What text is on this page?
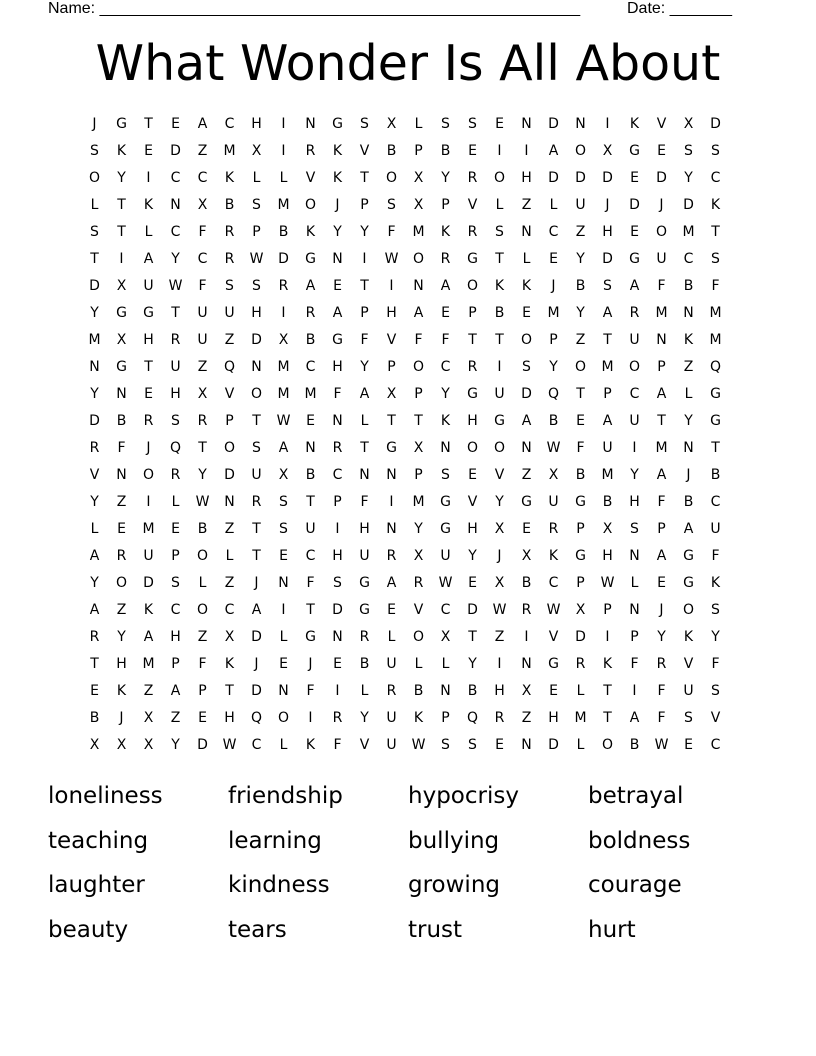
Name: ______________________________________________________	Date: _______
What Wonder Is All About
J	G	T	E	A	C	H	I	N	G	S	X	L	S	S	E	N	D	N	I	K	V	X	D
S	K	E	D	Z	M	X	I	R	K	V	B	P	B	E	I	I	A	O	X	G	E	S	S
O	Y	I	C	C	K	L	L	V	K	T	O	X	Y	R	O	H	D	D	D	E	D	Y	C
L	T	K	N	X	B	S	M	O	J	P	S	X	P	V	L	Z	L	U	J	D	J	D	K
S	T	L	C	F	R	P	B	K	Y	Y	F	M	K	R	S	N	C	Z	H	E	O	M	T
T	I	A	Y	C	R	W	D	G	N	I	W	O	R	G	T	L	E	Y	D	G	U	C	S
D	X	U	W	F	S	S	R	A	E	T	I	N	A	O	K	K	J	B	S	A	F	B	F
Y	G	G	T	U	U	H	I	R	A	P	H	A	E	P	B	E	M	Y	A	R	M	N	M
M	X	H	R	U	Z	D	X	B	G	F	V	F	F	T	T	O	P	Z	T	U	N	K	M
N	G	T	U	Z	Q	N	M	C	H	Y	P	O	C	R	I	S	Y	O	M	O	P	Z	Q
Y	N	E	H	X	V	O	M	M	F	A	X	P	Y	G	U	D	Q	T	P	C	A	L	G
D	B	R	S	R	P	T	W	E	N	L	T	T	K	H	G	A	B	E	A	U	T	Y	G
R	F	J	Q	T	O	S	A	N	R	T	G	X	N	O	O	N	W	F	U	I	M	N	T
V	N	O	R	Y	D	U	X	B	C	N	N	P	S	E	V	Z	X	B	M	Y	A	J	B
Y	Z	I	L	W	N	R	S	T	P	F	I	M	G	V	Y	G	U	G	B	H	F	B	C
L	E	M	E	B	Z	T	S	U	I	H	N	Y	G	H	X	E	R	P	X	S	P	A	U
A	R	U	P	O	L	T	E	C	H	U	R	X	U	Y	J	X	K	G	H	N	A	G	F
Y	O	D	S	L	Z	J	N	F	S	G	A	R	W	E	X	B	C	P	W	L	E	G	K
A	Z	K	C	O	C	A	I	T	D	G	E	V	C	D	W	R	W	X	P	N	J	O	S
R	Y	A	H	Z	X	D	L	G	N	R	L	O	X	T	Z	I	V	D	I	P	Y	K	Y
T	H	M	P	F	K	J	E	J	E	B	U	L	L	Y	I	N	G	R	K	F	R	V	F
E	K	Z	A	P	T	D	N	F	I	L	R	B	N	B	H	X	E	L	T	I	F	U	S
B	J	X	Z	E	H	Q	O	I	R	Y	U	K	P	Q	R	Z	H	M	T	A	F	S	V
X	X	X	Y	D	W	C	L	K	F	V	U	W	S	S	E	N	D	L	O	B	W	E	C
loneliness	friendship	hypocrisy	betrayal
teaching	learning	bullying	boldness
laughter	kindness	growing	courage
beauty	tears	trust	hurt
